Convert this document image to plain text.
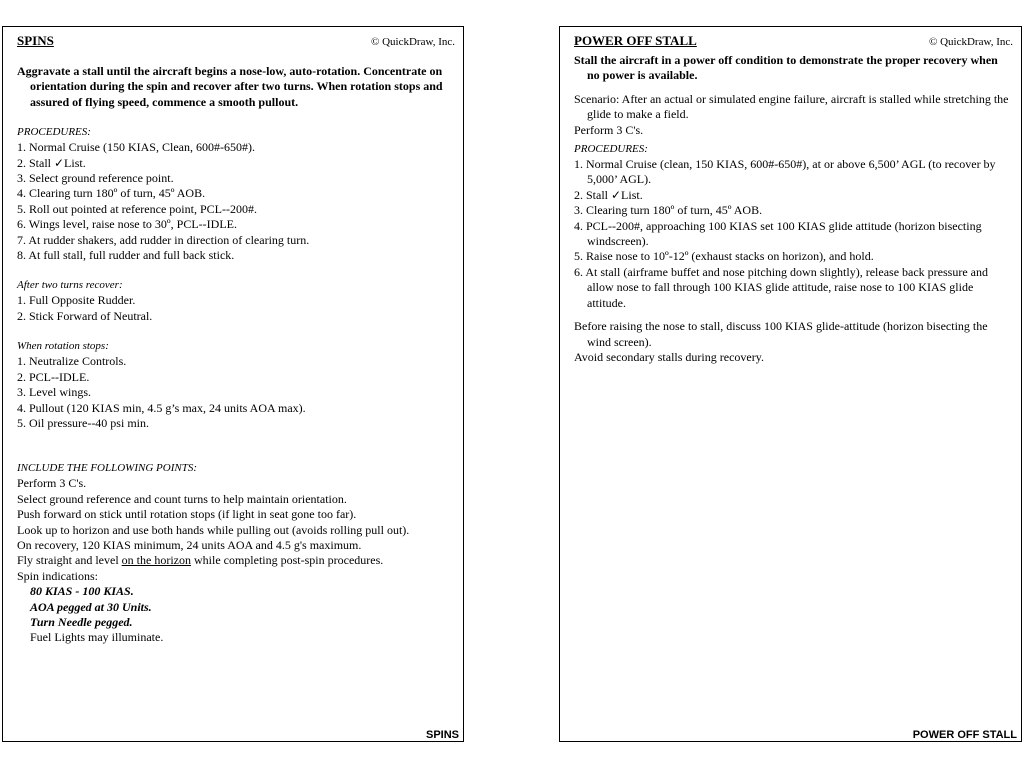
SPINS	© QuickDraw, Inc.

Aggravate a stall until the aircraft begins a nose-low, auto-rotation. Concentrate on orientation during the spin and recover after two turns. When rotation stops and assured of flying speed, commence a smooth pullout.

PROCEDURES:

1. Normal Cruise (150 KIAS, Clean, 600#-650#).

2. Stall ✓List.

3. Select ground reference point.

4. Clearing turn 180º of turn, 45º AOB.

5. Roll out pointed at reference point, PCL--200#.

6. Wings level, raise nose to 30º, PCL--IDLE.

7. At rudder shakers, add rudder in direction of clearing turn.

8. At full stall, full rudder and full back stick.

After two turns recover:

1. Full Opposite Rudder.

2. Stick Forward of Neutral.

When rotation stops:

1. Neutralize Controls.

2. PCL--IDLE.

3. Level wings.

4. Pullout (120 KIAS min, 4.5 g’s max, 24 units AOA max).

5. Oil pressure--40 psi min.

INCLUDE THE FOLLOWING POINTS:

Perform 3 C's.

Select ground reference and count turns to help maintain orientation.

Push forward on stick until rotation stops (if light in seat gone too far).

Look up to horizon and use both hands while pulling out (avoids rolling pull out).

On recovery, 120 KIAS minimum, 24 units AOA and 4.5 g's maximum.

Fly straight and level on the horizon while completing post-spin procedures.

Spin indications:

80 KIAS - 100 KIAS.

AOA pegged at 30 Units.

Turn Needle pegged.

Fuel Lights may illuminate.

SPINS
POWER OFF STALL	© QuickDraw, Inc.

Stall the aircraft in a power off condition to demonstrate the proper recovery when no power is available.

Scenario: After an actual or simulated engine failure, aircraft is stalled while stretching the glide to make a field.

Perform 3 C's.

PROCEDURES:

1. Normal Cruise (clean, 150 KIAS, 600#-650#), at or above 6,500’ AGL (to recover by 5,000’ AGL).

2. Stall ✓List.

3. Clearing turn 180º of turn, 45º AOB.

4. PCL--200#, approaching 100 KIAS set 100 KIAS glide attitude (horizon bisecting windscreen).

5. Raise nose to 10º-12º (exhaust stacks on horizon), and hold.

6. At stall (airframe buffet and nose pitching down slightly), release back pressure and allow nose to fall through 100 KIAS glide attitude, raise nose to 100 KIAS glide attitude.

Before raising the nose to stall, discuss 100 KIAS glide-attitude (horizon bisecting the wind screen).

Avoid secondary stalls during recovery.

POWER OFF STALL
